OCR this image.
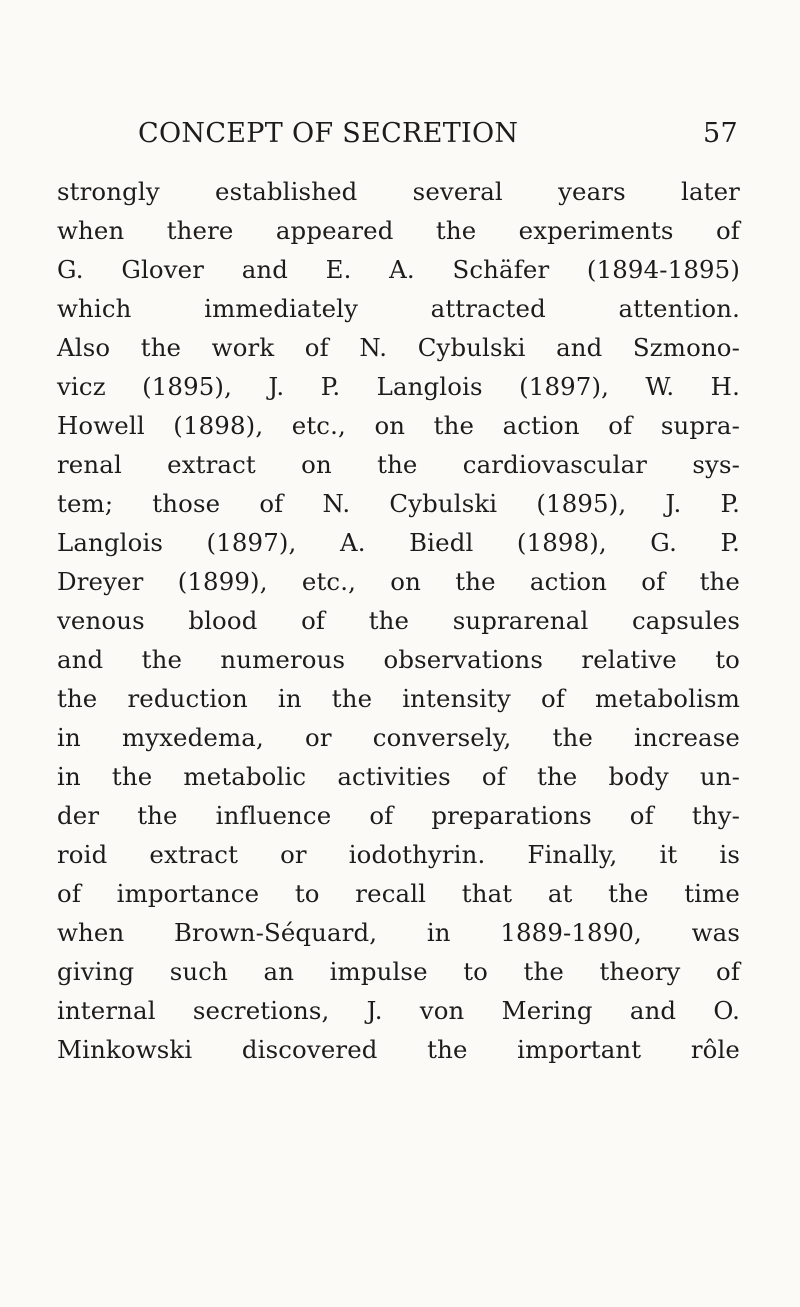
CONCEPT OF SECRETION	57
strongly established several years later
when there appeared the experiments of
G. Glover and E. A. Schäfer (1894-1895)
which immediately attracted attention.
Also the work of N. Cybulski and Szmono-
vicz (1895), J. P. Langlois (1897), W. H.
Howell (1898), etc., on the action of supra-
renal extract on the cardiovascular sys-
tem; those of N. Cybulski (1895), J. P.
Langlois (1897), A. Biedl (1898), G. P.
Dreyer (1899), etc., on the action of the
venous blood of the suprarenal capsules
and the numerous observations relative to
the reduction in the intensity of metabolism
in myxedema, or conversely, the increase
in the metabolic activities of the body un-
der the influence of preparations of thy-
roid extract or iodothyrin. Finally, it is
of importance to recall that at the time
when Brown-Séquard, in 1889-1890, was
giving such an impulse to the theory of
internal secretions, J. von Mering and O.
Minkowski discovered the important rôle
